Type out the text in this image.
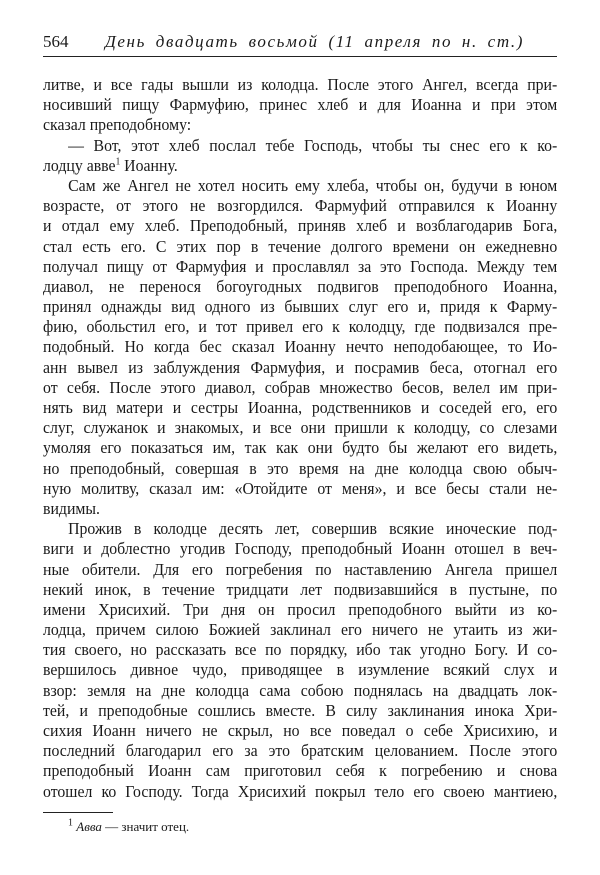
564 День двадцать восьмой (11 апреля по н. ст.)
литве, и все гады вышли из колодца. После этого Ангел, всегда при-
носивший пищу Фармуфию, принес хлеб и для Иоанна и при этом
сказал преподобному:
— Вот, этот хлеб послал тебе Господь, чтобы ты снес его к ко-
лодцу авве$^1$ Иоанну.
Сам же Ангел не хотел носить ему хлеба, чтобы он, будучи в юном
возрасте, от этого не возгордился. Фармуфий отправился к Иоанну
и отдал ему хлеб. Преподобный, приняв хлеб и возблагодарив Бога,
стал есть его. С этих пор в течение долгого времени он ежедневно
получал пищу от Фармуфия и прославлял за это Господа. Между тем
диавол, не перенося богоугодных подвигов преподобного Иоанна,
принял однажды вид одного из бывших слуг его и, придя к Фарму-
фию, обольстил его, и тот привел его к колодцу, где подвизался пре-
подобный. Но когда бес сказал Иоанну нечто неподобающее, то Ио-
анн вывел из заблуждения Фармуфия, и посрамив беса, отогнал его
от себя. После этого диавол, собрав множество бесов, велел им при-
нять вид матери и сестры Иоанна, родственников и соседей его, его
слуг, служанок и знакомых, и все они пришли к колодцу, со слезами
умоляя его показаться им, так как они будто бы желают его видеть,
но преподобный, совершая в это время на дне колодца свою обыч-
ную молитву, сказал им: «Отойдите от меня», и все бесы стали не-
видимы.
Прожив в колодце десять лет, совершив всякие иноческие под-
виги и доблестно угодив Господу, преподобный Иоанн отошел в веч-
ные обители. Для его погребения по наставлению Ангела пришел
некий инок, в течение тридцати лет подвизавшийся в пустыне, по
имени Хрисихий. Три дня он просил преподобного выйти из ко-
лодца, причем силою Божией заклинал его ничего не утаить из жи-
тия своего, но рассказать все по порядку, ибо так угодно Богу. И со-
вершилось дивное чудо, приводящее в изумление всякий слух и
взор: земля на дне колодца сама собою поднялась на двадцать лок-
тей, и преподобные сошлись вместе. В силу заклинания инока Хри-
сихия Иоанн ничего не скрыл, но все поведал о себе Хрисихию, и
последний благодарил его за это братским целованием. После этого
преподобный Иоанн сам приготовил себя к погребению и снова
отошел ко Господу. Тогда Хрисихий покрыл тело его своею мантиею,
$^1$ Авва — значит отец.
